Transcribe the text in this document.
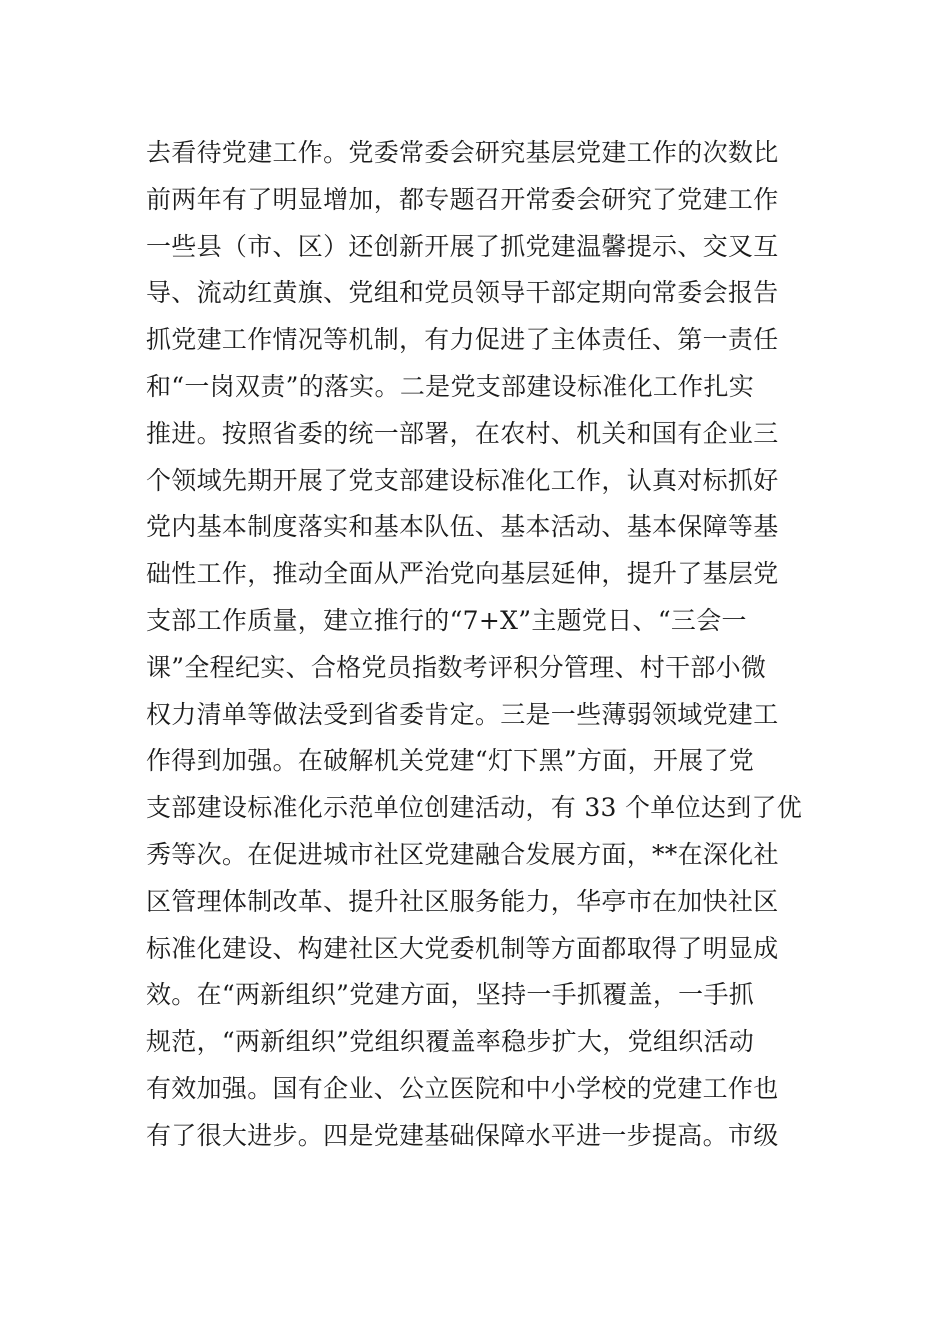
去看待党建工作。党委常委会研究基层党建工作的次数比
前两年有了明显增加，都专题召开常委会研究了党建工作
一些县（市、区）还创新开展了抓党建温馨提示、交叉互
导、流动红黄旗、党组和党员领导干部定期向常委会报告
抓党建工作情况等机制，有力促进了主体责任、第一责任
和“一岗双责”的落实。二是党支部建设标准化工作扎实
推进。按照省委的统一部署，在农村、机关和国有企业三
个领域先期开展了党支部建设标准化工作，认真对标抓好
党内基本制度落实和基本队伍、基本活动、基本保障等基
础性工作，推动全面从严治党向基层延伸，提升了基层党
支部工作质量，建立推行的“7+X”主题党日、“三会一
课”全程纪实、合格党员指数考评积分管理、村干部小微
权力清单等做法受到省委肯定。三是一些薄弱领域党建工
作得到加强。在破解机关党建“灯下黑”方面，开展了党
支部建设标准化示范单位创建活动，有 33 个单位达到了优
秀等次。在促进城市社区党建融合发展方面，**在深化社
区管理体制改革、提升社区服务能力，华亭市在加快社区
标准化建设、构建社区大党委机制等方面都取得了明显成
效。在“两新组织”党建方面，坚持一手抓覆盖，一手抓
规范，“两新组织”党组织覆盖率稳步扩大，党组织活动
有效加强。国有企业、公立医院和中小学校的党建工作也
有了很大进步。四是党建基础保障水平进一步提高。市级
